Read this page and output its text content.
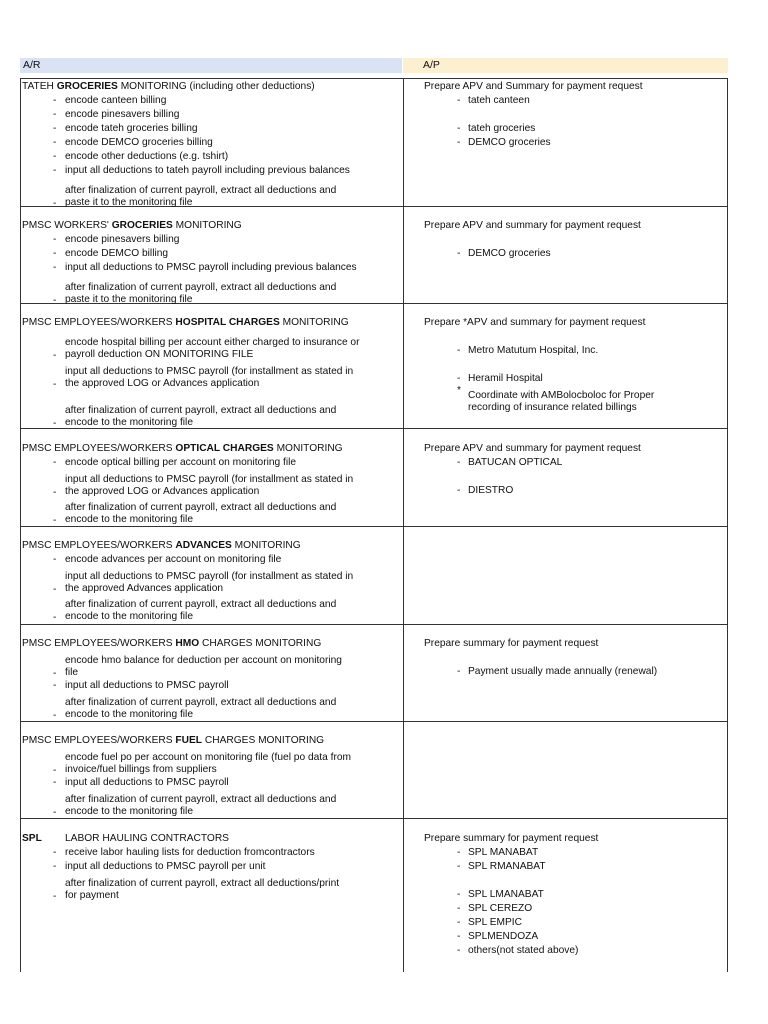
A/R	A/P
TATEH GROCERIES MONITORING (including other deductions)
- encode canteen billing
- encode pinesavers billing
- encode tateh groceries billing
- encode DEMCO groceries billing
- encode other deductions (e.g. tshirt)
- input all deductions to tateh payroll including previous balances
-
after finalization of current payroll, extract all deductions and
paste it to the monitoring file
Prepare APV and Summary for payment request
- tateh canteen
- tateh groceries
- DEMCO groceries
PMSC WORKERS' GROCERIES MONITORING
- encode pinesavers billing
- encode DEMCO billing
- input all deductions to PMSC payroll including previous balances
-
after finalization of current payroll, extract all deductions and
paste it to the monitoring file
Prepare APV and summary for payment request
- DEMCO groceries
PMSC EMPLOYEES/WORKERS HOSPITAL CHARGES MONITORING
-
encode hospital billing per account either charged to insurance or
payroll deduction ON MONITORING FILE
-
input all deductions to PMSC payroll (for installment as stated in
the approved LOG or Advances application
-
after finalization of current payroll, extract all deductions and
encode to the monitoring file
Prepare *APV and summary for payment request
- Metro Matutum Hospital, Inc.
- Heramil Hospital
* Coordinate with AMBolocboloc for Proper
recording of insurance related billings
PMSC EMPLOYEES/WORKERS OPTICAL CHARGES MONITORING
- encode optical billing per account on monitoring file
-
input all deductions to PMSC payroll (for installment as stated in
the approved LOG or Advances application
-
after finalization of current payroll, extract all deductions and
encode to the monitoring file
Prepare APV and summary for payment request
- BATUCAN OPTICAL
- DIESTRO
PMSC EMPLOYEES/WORKERS ADVANCES MONITORING
- encode advances per account on monitoring file
-
input all deductions to PMSC payroll (for installment as stated in
the approved Advances application
-
after finalization of current payroll, extract all deductions and
encode to the monitoring file
PMSC EMPLOYEES/WORKERS HMO CHARGES MONITORING
-
encode hmo balance for deduction per account on monitoring
file
- input all deductions to PMSC payroll
-
after finalization of current payroll, extract all deductions and
encode to the monitoring file
Prepare summary for payment request
- Payment usually made annually (renewal)
PMSC EMPLOYEES/WORKERS FUEL CHARGES MONITORING
-
encode fuel po per account on monitoring file (fuel po data from
invoice/fuel billings from suppliers
- input all deductions to PMSC payroll
-
after finalization of current payroll, extract all deductions and
encode to the monitoring file
SPL LABOR HAULING CONTRACTORS
- receive labor hauling lists for deduction fromcontractors
- input all deductions to PMSC payroll per unit
-
after finalization of current payroll, extract all deductions/print
for payment
Prepare summary for payment request
- SPL MANABAT
- SPL RMANABAT
- SPL LMANABAT
- SPL CEREZO
- SPL EMPIC
- SPLMENDOZA
- others(not stated above)
